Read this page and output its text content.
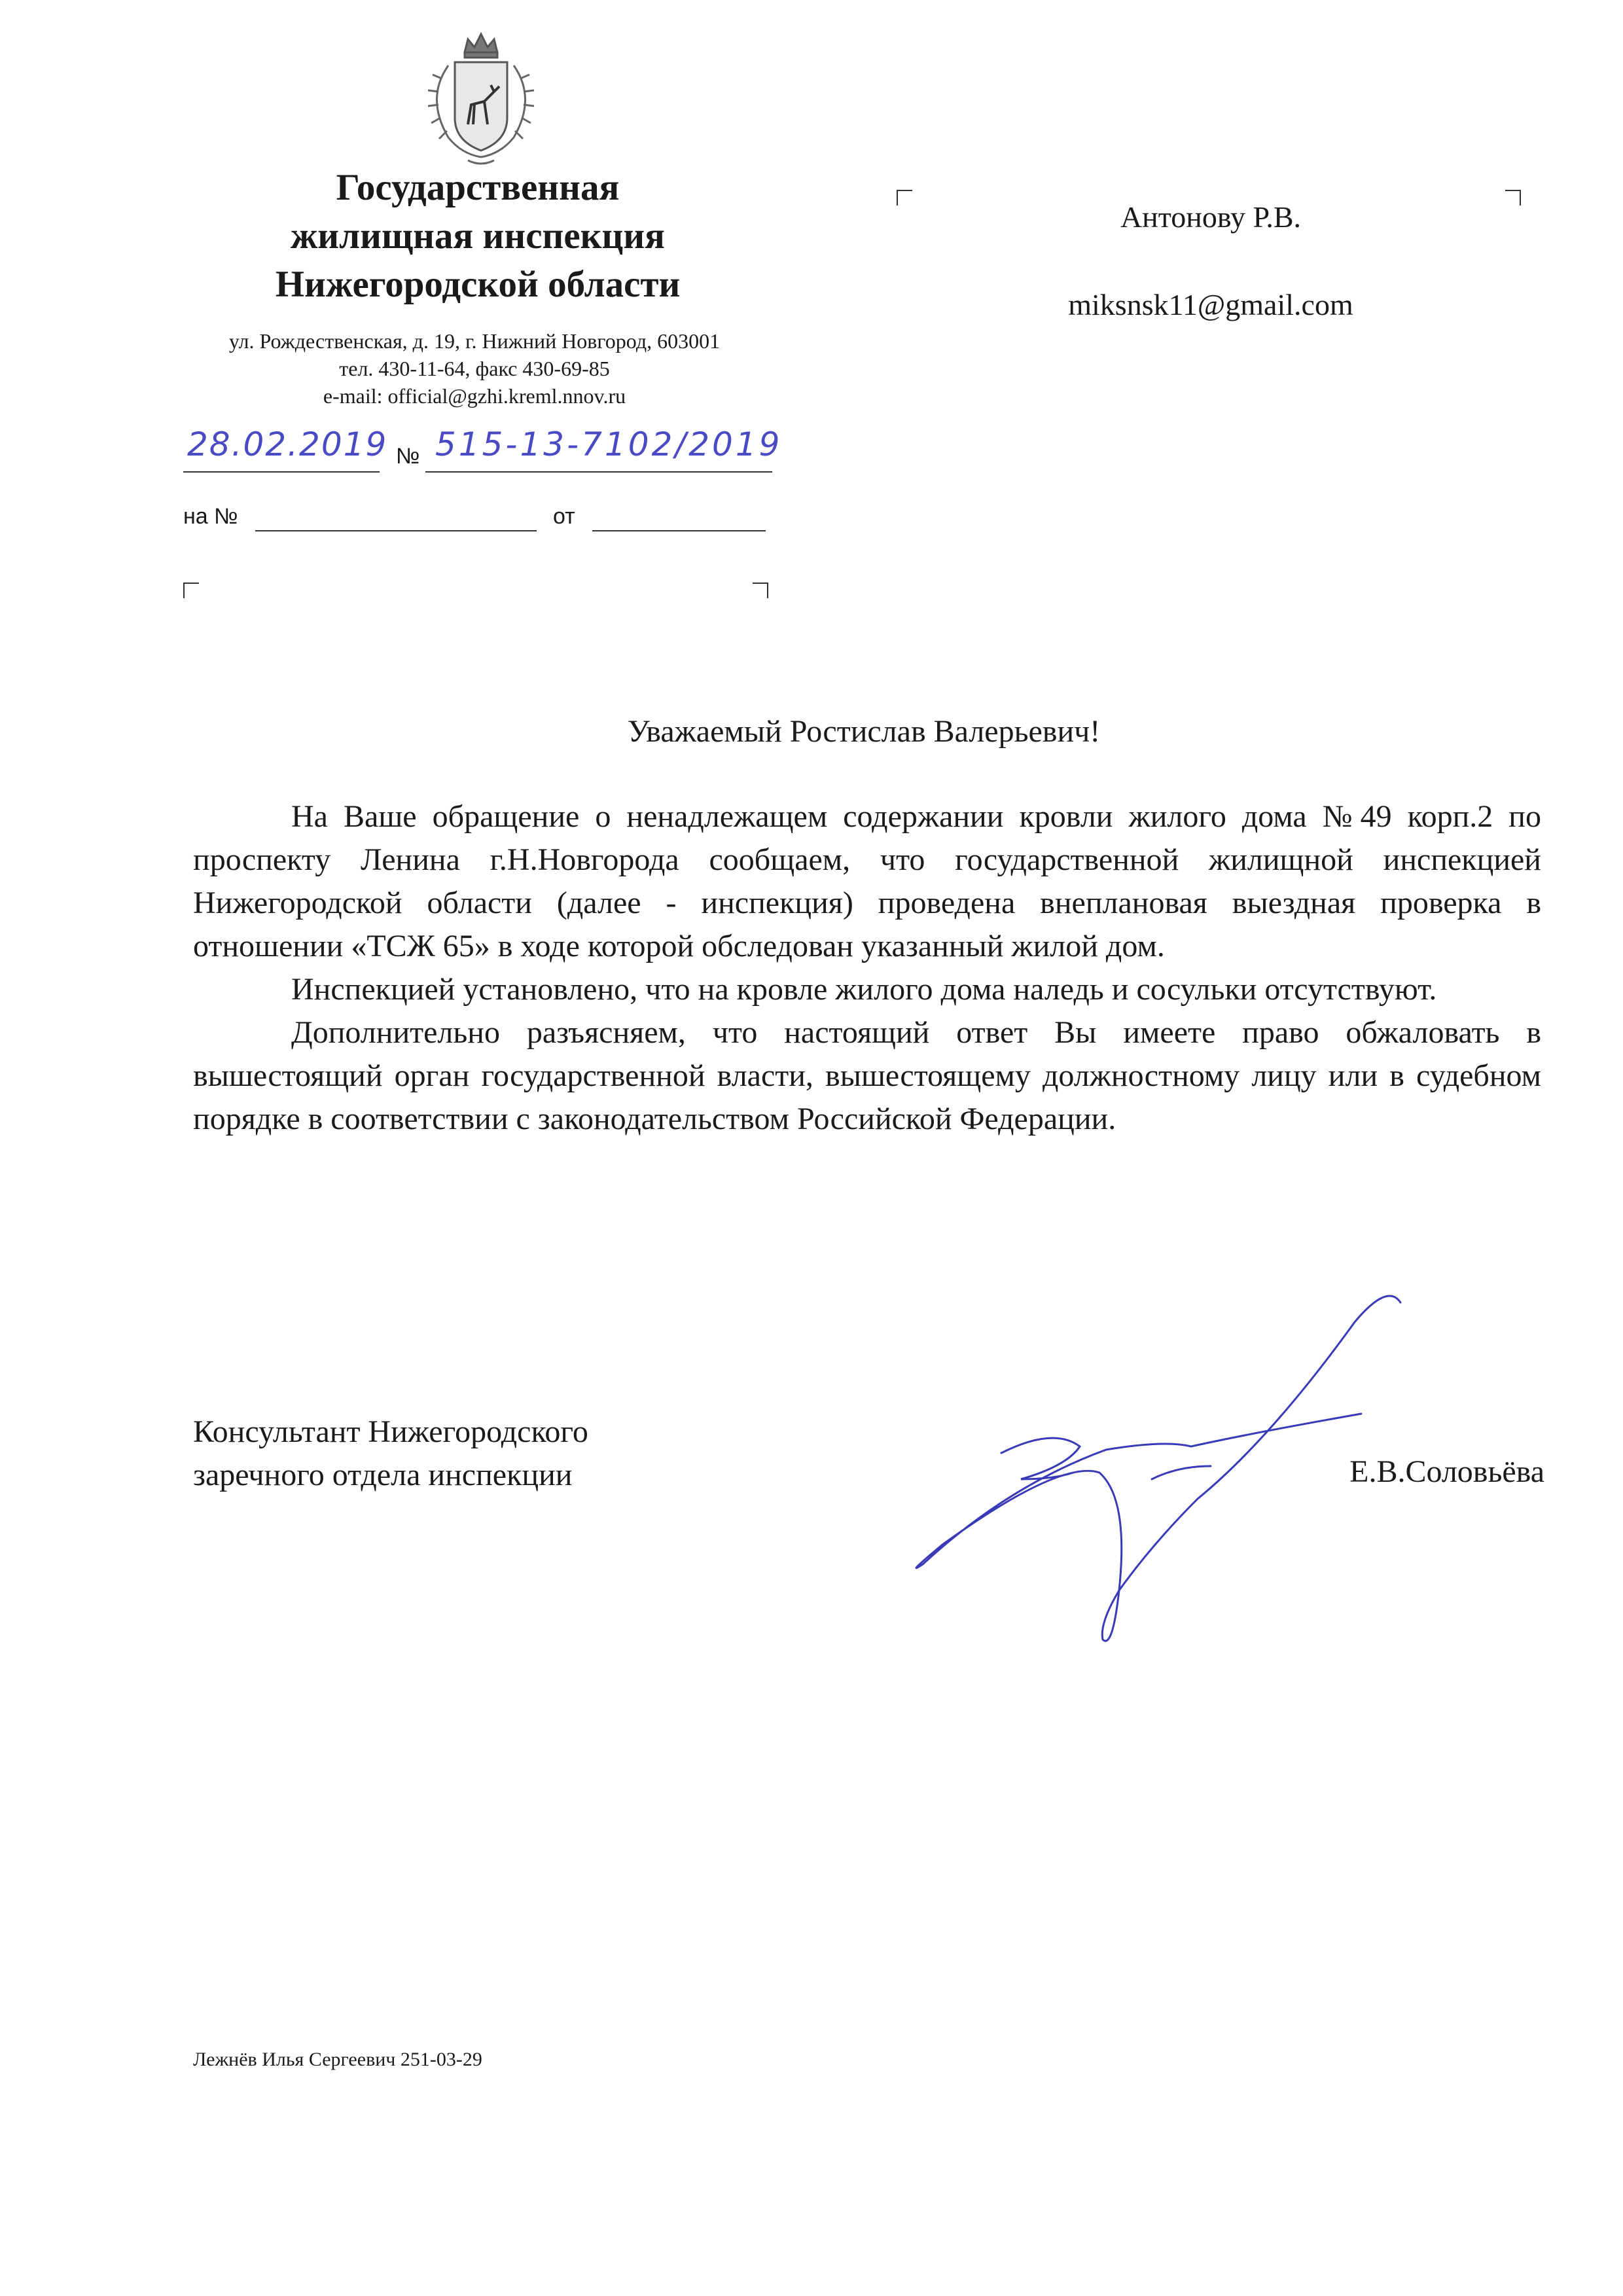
Государственная
жилищная инспекция
Нижегородской области
ул. Рождественская, д. 19, г. Нижний Новгород, 603001
тел. 430-11-64, факс 430-69-85
e-mail: official@gzhi.kreml.nnov.ru
28.02.2019 № 515-13-7102/2019
на №	от
Антонову Р.В.
miksnsk11@gmail.com
Уважаемый Ростислав Валерьевич!

На Ваше обращение о ненадлежащем содержании кровли жилого дома №49 корп.2 по проспекту Ленина г.Н.Новгорода сообщаем, что государственной жилищной инспекцией Нижегородской области (далее - инспекция) проведена внеплановая выездная проверка в отношении «ТСЖ 65» в ходе которой обследован указанный жилой дом.

Инспекцией установлено, что на кровле жилого дома наледь и сосульки отсутствуют.

Дополнительно разъясняем, что настоящий ответ Вы имеете право обжаловать в вышестоящий орган государственной власти, вышестоящему должностному лицу или в судебном порядке в соответствии с законодательством Российской Федерации.

Консультант Нижегородского
заречного отдела инспекции	Е.В.Соловьёва
Лежнёв Илья Сергеевич 251-03-29
